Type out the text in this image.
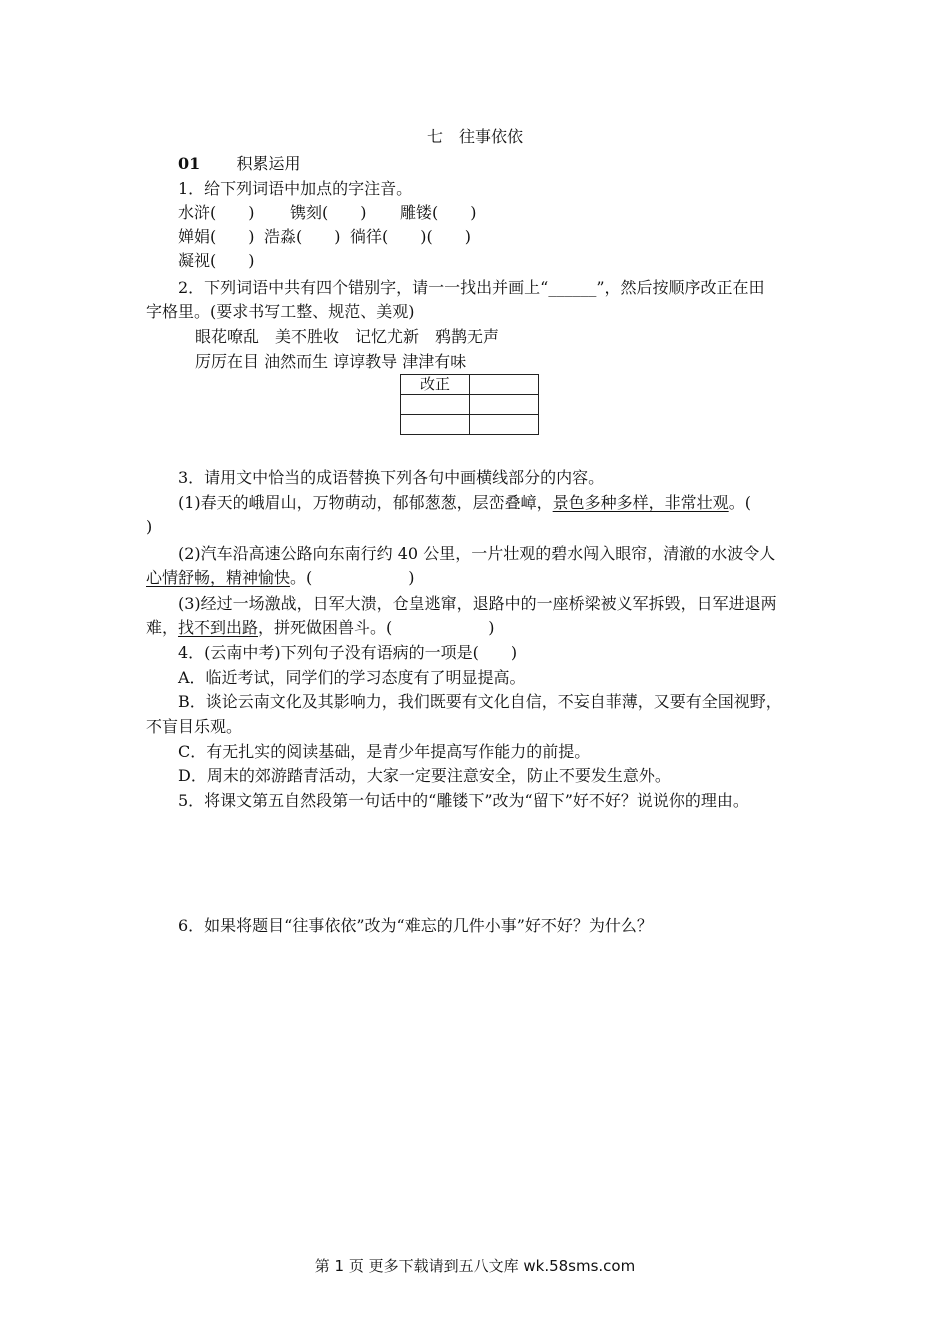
七　往事依依
01 积累运用
1．给下列词语中加点的字注音。
水浒(　　) 镌刻(　　) 雕镂(　　)
婵娟(　　) 浩淼(　　) 徜徉(　　)(　　)
凝视(　　)
2．下列词语中共有四个错别字，请一一找出并画上“______”，然后按顺序改正在田
字格里。(要求书写工整、规范、美观)
眼花嘹乱　美不胜收　记忆尤新　鸦鹊无声
厉厉在目 油然而生 谆谆教导 津津有味
改正	

3．请用文中恰当的成语替换下列各句中画横线部分的内容。
(1)春天的峨眉山，万物萌动，郁郁葱葱，层峦叠嶂，景色多种多样，非常壮观。(
)
(2)汽车沿高速公路向东南行约 40 公里，一片壮观的碧水闯入眼帘，清澈的水波令人
心情舒畅，精神愉快。(　　　　　　)
(3)经过一场激战，日军大溃，仓皇逃窜，退路中的一座桥梁被义军拆毁，日军进退两
难，找不到出路，拼死做困兽斗。(　　　　　　)
4．(云南中考)下列句子没有语病的一项是(　　)
A．临近考试，同学们的学习态度有了明显提高。
B．谈论云南文化及其影响力，我们既要有文化自信，不妄自菲薄，又要有全国视野，
不盲目乐观。
C．有无扎实的阅读基础，是青少年提高写作能力的前提。
D．周末的郊游踏青活动，大家一定要注意安全，防止不要发生意外。
5．将课文第五自然段第一句话中的“雕镂下”改为“留下”好不好？说说你的理由。
6．如果将题目“往事依依”改为“难忘的几件小事”好不好？为什么？
第 1 页 更多下载请到五八文库 wk.58sms.com
